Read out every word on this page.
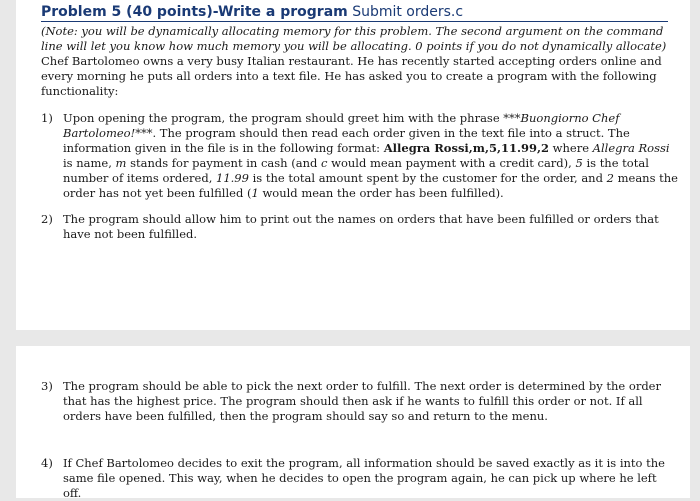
Problem 5 (40 points)-Write a program Submit orders.c
(Note: you will be dynamically allocating memory for this problem. The second argument on the command line will let you know how much memory you will be allocating. 0 points if you do not dynamically allocate) Chef Bartolomeo owns a very busy Italian restaurant. He has recently started accepting orders online and every morning he puts all orders into a text file. He has asked you to create a program with the following functionality:
1) Upon opening the program, the program should greet him with the phrase ***Buongiorno Chef Bartolomeo!***. The program should then read each order given in the text file into a struct. The information given in the file is in the following format: Allegra Rossi,m,5,11.99,2 where Allegra Rossi is name, m stands for payment in cash (and c would mean payment with a credit card), 5 is the total number of items ordered, 11.99 is the total amount spent by the customer for the order, and 2 means the order has not yet been fulfilled (1 would mean the order has been fulfilled).
2) The program should allow him to print out the names on orders that have been fulfilled or orders that have not been fulfilled.
3) The program should be able to pick the next order to fulfill. The next order is determined by the order that has the highest price. The program should then ask if he wants to fulfill this order or not. If all orders have been fulfilled, then the program should say so and return to the menu.
4) If Chef Bartolomeo decides to exit the program, all information should be saved exactly as it is into the same file opened. This way, when he decides to open the program again, he can pick up where he left off.
